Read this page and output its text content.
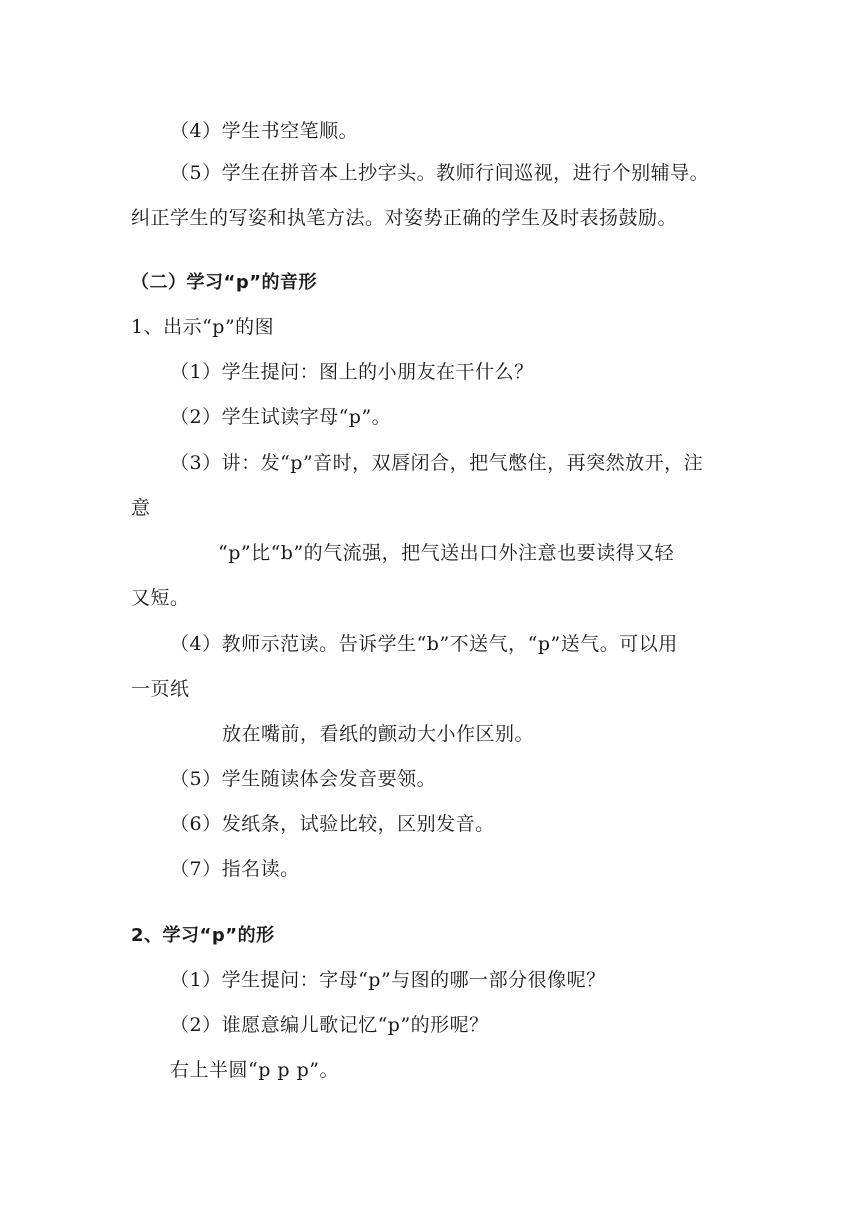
（4）学生书空笔顺。
（5）学生在拼音本上抄字头。教师行间巡视，进行个别辅导。
纠正学生的写姿和执笔方法。对姿势正确的学生及时表扬鼓励。
（二）学习“p”的音形
1、出示“p”的图
（1）学生提问：图上的小朋友在干什么？
（2）学生试读字母“p”。
（3）讲：发“p”音时，双唇闭合，把气憋住，再突然放开，注
意
“p”比“b”的气流强，把气送出口外注意也要读得又轻
又短。
（4）教师示范读。告诉学生“b”不送气，“p”送气。可以用
一页纸
放在嘴前，看纸的颤动大小作区别。
（5）学生随读体会发音要领。
（6）发纸条，试验比较，区别发音。
（7）指名读。
2、学习“p”的形
（1）学生提问：字母“p”与图的哪一部分很像呢？
（2）谁愿意编儿歌记忆“p”的形呢？
右上半圆“p p p”。
